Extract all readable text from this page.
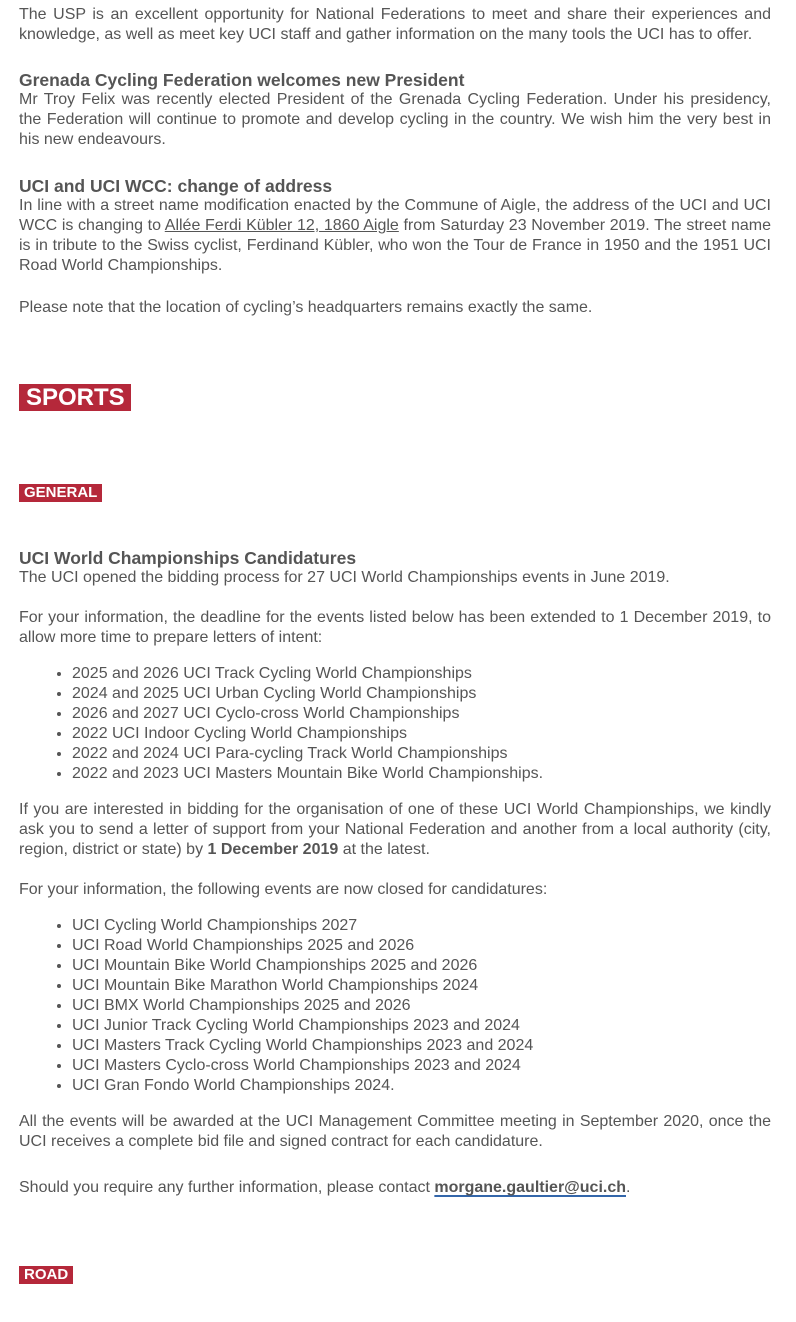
The USP is an excellent opportunity for National Federations to meet and share their experiences and knowledge, as well as meet key UCI staff and gather information on the many tools the UCI has to offer.

Grenada Cycling Federation welcomes new President

Mr Troy Felix was recently elected President of the Grenada Cycling Federation. Under his presidency, the Federation will continue to promote and develop cycling in the country. We wish him the very best in his new endeavours.

UCI and UCI WCC: change of address

In line with a street name modification enacted by the Commune of Aigle, the address of the UCI and UCI WCC is changing to Allée Ferdi Kübler 12, 1860 Aigle from Saturday 23 November 2019. The street name is in tribute to the Swiss cyclist, Ferdinand Kübler, who won the Tour de France in 1950 and the 1951 UCI Road World Championships.

Please note that the location of cycling’s headquarters remains exactly the same.

SPORTS
GENERAL
UCI World Championships Candidatures

The UCI opened the bidding process for 27 UCI World Championships events in June 2019.

For your information, the deadline for the events listed below has been extended to 1 December 2019, to allow more time to prepare letters of intent:

• 2025 and 2026 UCI Track Cycling World Championships
• 2024 and 2025 UCI Urban Cycling World Championships
• 2026 and 2027 UCI Cyclo-cross World Championships
• 2022 UCI Indoor Cycling World Championships
• 2022 and 2024 UCI Para-cycling Track World Championships
• 2022 and 2023 UCI Masters Mountain Bike World Championships.

If you are interested in bidding for the organisation of one of these UCI World Championships, we kindly ask you to send a letter of support from your National Federation and another from a local authority (city, region, district or state) by 1 December 2019 at the latest.

For your information, the following events are now closed for candidatures:

• UCI Cycling World Championships 2027
• UCI Road World Championships 2025 and 2026
• UCI Mountain Bike World Championships 2025 and 2026
• UCI Mountain Bike Marathon World Championships 2024
• UCI BMX World Championships 2025 and 2026
• UCI Junior Track Cycling World Championships 2023 and 2024
• UCI Masters Track Cycling World Championships 2023 and 2024
• UCI Masters Cyclo-cross World Championships 2023 and 2024
• UCI Gran Fondo World Championships 2024.

All the events will be awarded at the UCI Management Committee meeting in September 2020, once the UCI receives a complete bid file and signed contract for each candidature.

Should you require any further information, please contact morgane.gaultier@uci.ch.

ROAD
